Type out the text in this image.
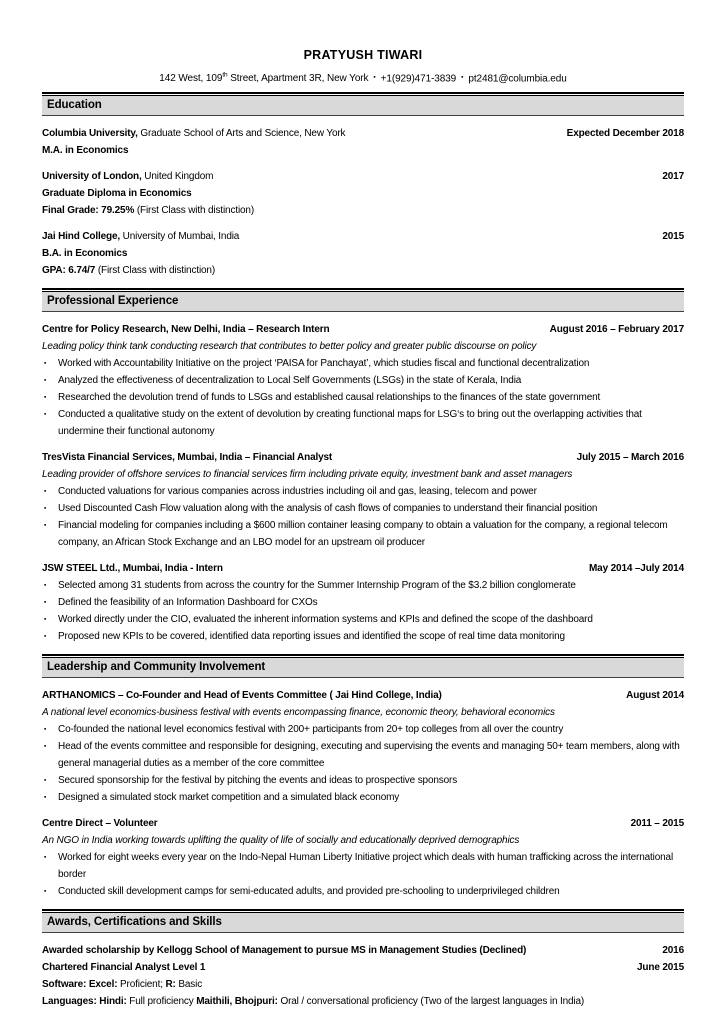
PRATYUSH TIWARI
142 West, 109th Street, Apartment 3R, New York ▪ +1(929)471-3839 ▪ pt2481@columbia.edu
Education
Columbia University, Graduate School of Arts and Science, New York	Expected December 2018
M.A. in Economics
University of London, United Kingdom	2017
Graduate Diploma in Economics
Final Grade: 79.25% (First Class with distinction)
Jai Hind College, University of Mumbai, India	2015
B.A. in Economics
GPA: 6.74/7 (First Class with distinction)
Professional Experience
Centre for Policy Research, New Delhi, India – Research Intern	August 2016 – February 2017
Leading policy think tank conducting research that contributes to better policy and greater public discourse on policy
▪	Worked with Accountability Initiative on the project ‘PAISA for Panchayat’, which studies fiscal and functional decentralization
▪	Analyzed the effectiveness of decentralization to Local Self Governments (LSGs) in the state of Kerala, India
▪	Researched the devolution trend of funds to LSGs and established causal relationships to the finances of the state government
▪	Conducted a qualitative study on the extent of devolution by creating functional maps for LSG‘s to bring out the overlapping activities that undermine their functional autonomy
TresVista Financial Services, Mumbai, India – Financial Analyst	July 2015 – March 2016
Leading provider of offshore services to financial services firm including private equity, investment bank and asset managers
▪	Conducted valuations for various companies across industries including oil and gas, leasing, telecom and power
▪	Used Discounted Cash Flow valuation along with the analysis of cash flows of companies to understand their financial position
▪	Financial modeling for companies including a $600 million container leasing company to obtain a valuation for the company, a regional telecom company, an African Stock Exchange and an LBO model for an upstream oil producer
JSW STEEL Ltd., Mumbai, India - Intern	May 2014 –July 2014
▪	Selected among 31 students from across the country for the Summer Internship Program of the $3.2 billion conglomerate
▪	Defined the feasibility of an Information Dashboard for CXOs
▪	Worked directly under the CIO, evaluated the inherent information systems and KPIs and defined the scope of the dashboard
▪	Proposed new KPIs to be covered, identified data reporting issues and identified the scope of real time data monitoring
Leadership and Community Involvement
ARTHANOMICS – Co-Founder and Head of Events Committee ( Jai Hind College, India)	August 2014
A national level economics-business festival with events encompassing finance, economic theory, behavioral economics
▪	Co-founded the national level economics festival with 200+ participants from 20+ top colleges from all over the country
▪	Head of the events committee and responsible for designing, executing and supervising the events and managing 50+ team members, along with general managerial duties as a member of the core committee
▪	Secured sponsorship for the festival by pitching the events and ideas to prospective sponsors
▪	Designed a simulated stock market competition and a simulated black economy
Centre Direct – Volunteer	2011 – 2015
An NGO in India working towards uplifting the quality of life of socially and educationally deprived demographics
▪	Worked for eight weeks every year on the Indo-Nepal Human Liberty Initiative project which deals with human trafficking across the international border
▪	Conducted skill development camps for semi-educated adults, and provided pre-schooling to underprivileged children
Awards, Certifications and Skills
Awarded scholarship by Kellogg School of Management to pursue MS in Management Studies (Declined)	2016
Chartered Financial Analyst Level 1	June 2015
Software: Excel: Proficient; R: Basic
Languages: Hindi: Full proficiency Maithili, Bhojpuri: Oral / conversational proficiency (Two of the largest languages in India)
